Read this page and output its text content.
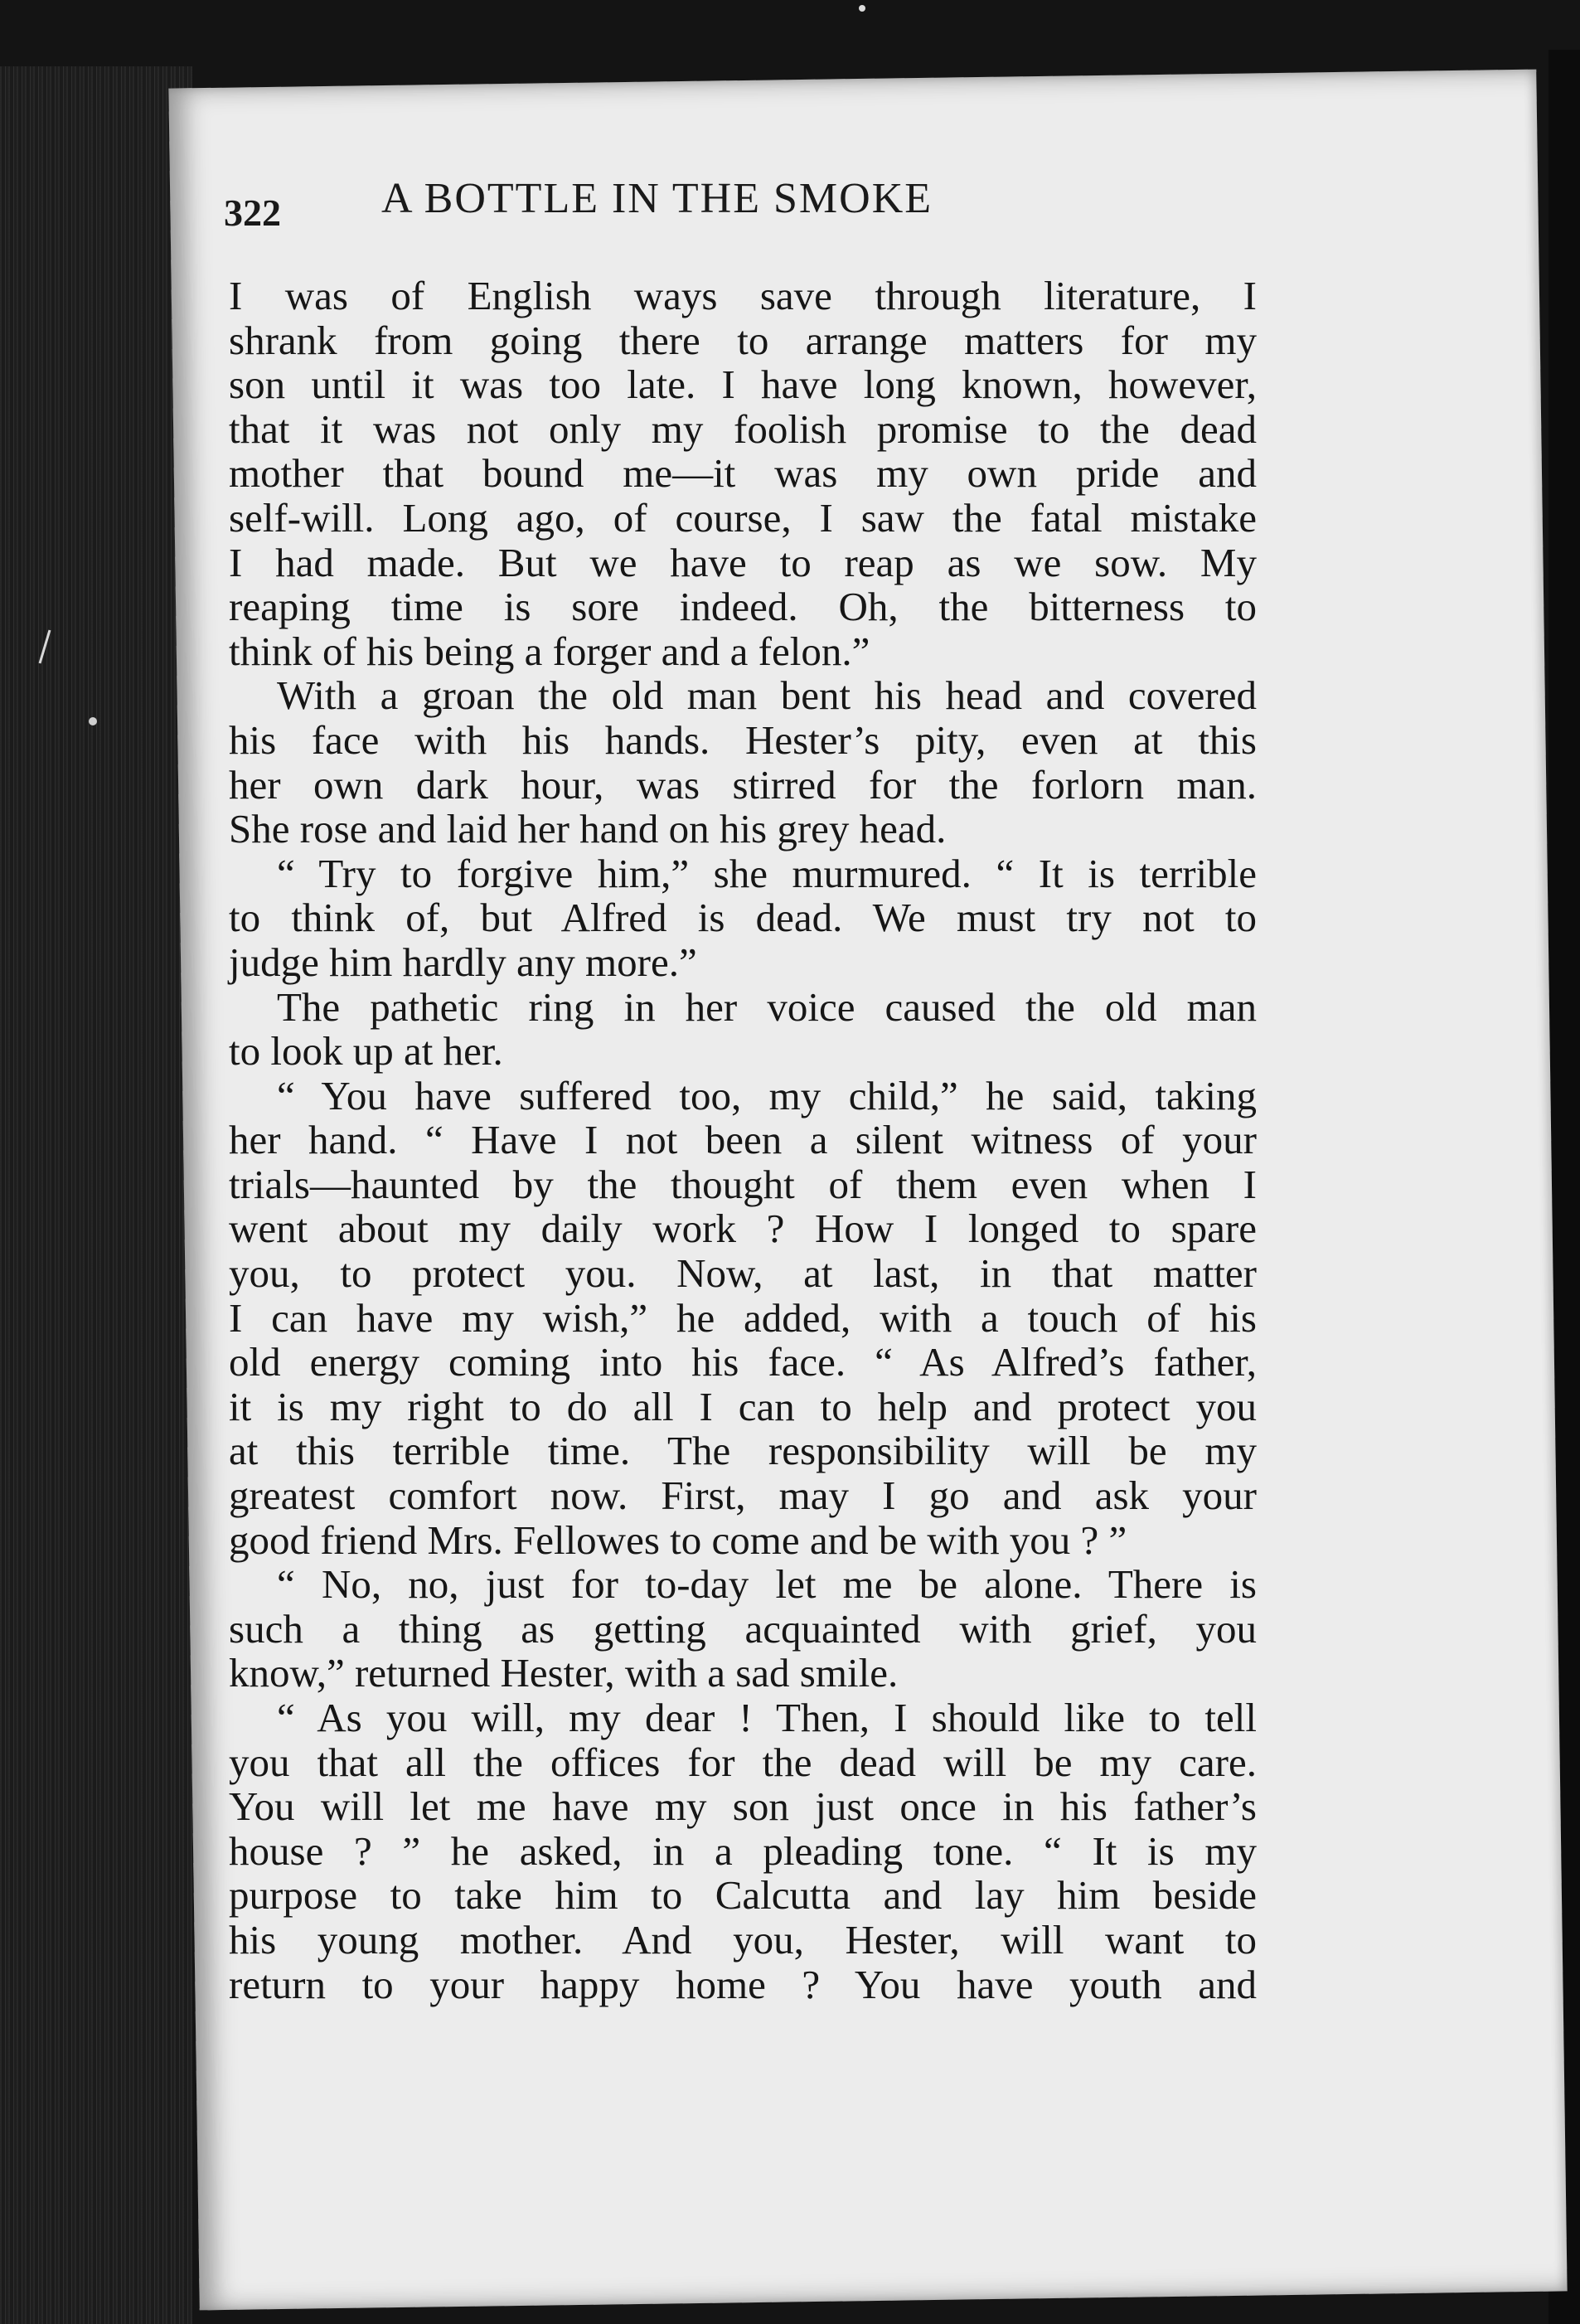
322 A BOTTLE IN THE SMOKE
I was of English ways save through literature, I
shrank from going there to arrange matters for my
son until it was too late. I have long known, however,
that it was not only my foolish promise to the dead
mother that bound me—it was my own pride and
self-will. Long ago, of course, I saw the fatal mistake
I had made. But we have to reap as we sow. My
reaping time is sore indeed. Oh, the bitterness to
think of his being a forger and a felon.”
With a groan the old man bent his head and covered
his face with his hands. Hester’s pity, even at this
her own dark hour, was stirred for the forlorn man.
She rose and laid her hand on his grey head.
“ Try to forgive him,” she murmured. “ It is terrible
to think of, but Alfred is dead. We must try not to
judge him hardly any more.”
The pathetic ring in her voice caused the old man
to look up at her.
“ You have suffered too, my child,” he said, taking
her hand. “ Have I not been a silent witness of your
trials—haunted by the thought of them even when I
went about my daily work ? How I longed to spare
you, to protect you. Now, at last, in that matter
I can have my wish,” he added, with a touch of his
old energy coming into his face. “ As Alfred’s father,
it is my right to do all I can to help and protect you
at this terrible time. The responsibility will be my
greatest comfort now. First, may I go and ask your
good friend Mrs. Fellowes to come and be with you ? ”
“ No, no, just for to-day let me be alone. There is
such a thing as getting acquainted with grief, you
know,” returned Hester, with a sad smile.
“ As you will, my dear ! Then, I should like to tell
you that all the offices for the dead will be my care.
You will let me have my son just once in his father’s
house ? ” he asked, in a pleading tone. “ It is my
purpose to take him to Calcutta and lay him beside
his young mother. And you, Hester, will want to
return to your happy home ? You have youth and
